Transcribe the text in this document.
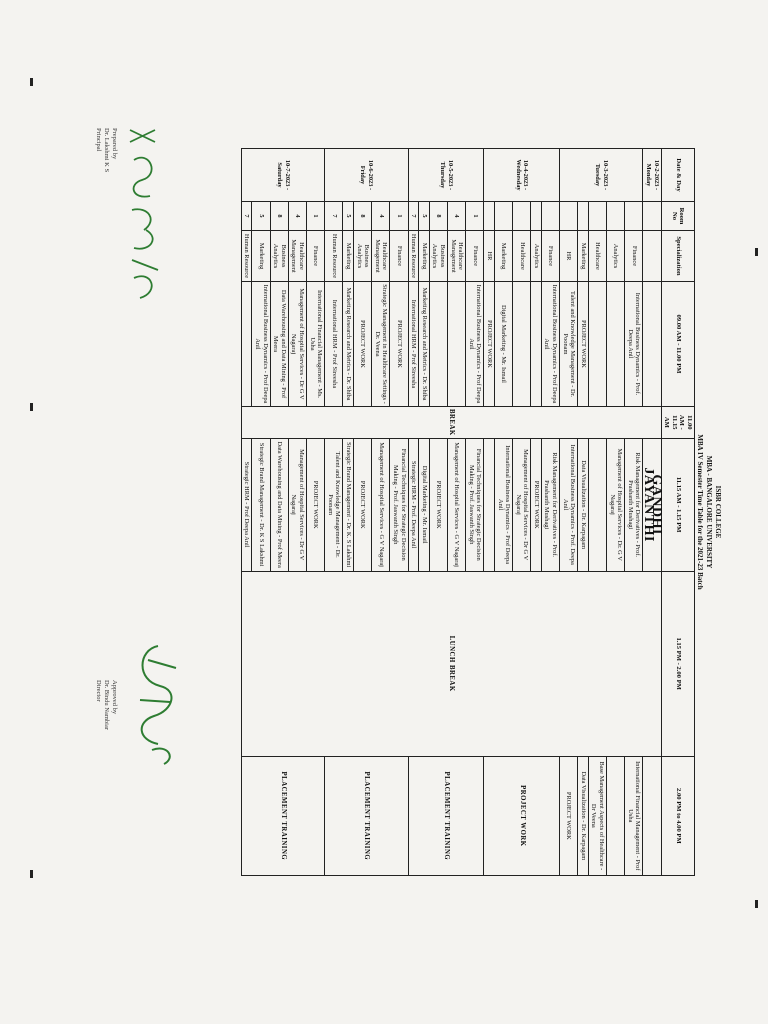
ISBR COLLEGE
MBA - BANGALORE UNIVERSITY
MBA IV Semester Time Table for the 2021-23 Batch
Date & Day	Room No	Specialization	09.00 AM - 11.00 PM	11.00 AM - 11.15 AM	11.15 AM - 1.15 PM	1.15 PM - 2.00 PM	2.00 PM to 4.00 PM
10-2-2023 - Monday				BREAK	GANDHI JAYANTHI	LUNCH BREAK	
10-3-2023 - Tuesday		Finance	International Business Dynamics - Prof. Deepa Anil		Risk Management for Derivatives - Prof. Prashanth Mushagi		International Financial Management - Prof Usha
		Analytics			Management of Hospital Services - Dr. G V Nagaraj		
		Healthcare					Base Management Aspects of Healthcare - Dr Veena
		Marketing	PROJECT WORK		Data Visualization - Dr. Karpagam		Data Visualization - Dr. Karpagam
		HR	Talent and Knowledge Management - Dr. Poonam		International Business Dynamics - Prof. Deepa Anil		PROJECT WORK
10-4-2023 - Wednesday		Finance	International Business Dynamics - Prof Deepa Anil		Risk Management for Derivatives - Prof. Prashanth Mushagi		PROJECT WORK
		Analytics			PROJECT WORK		
		Healthcare			Management of Hospital Services - Dr G V Nagaraj		
		Marketing	Digital Marketing - Mr. Ismail		International Business Dynamics - Prof Deepa Anil		
		HR	PROJECT WORK				
10-5-2023 - Thursday	1	Finance	International Business Dynamics - Prof Deepa Anil		Financial Techniques for Strategic Decision Making - Prof. Jaswanth Singh		PLACEMENT TRAINING
	4	Healthcare Management			Management of Hospital Services - G V Nagaraj		
	8	Business Analytics			PROJECT WORK		
	5	Marketing	Marketing Research and Metrics - Dr. Shiba		Digital Marketing - Mr. Ismail		
	7	Human Resource	International HRM - Prof Sireesha		Strategic HRM - Prof. Deepa Anil		
10-6-2023 - Friday	1	Finance	PROJECT WORK		Financial Techniques for Strategic Decision Making - Prof. Jaswanth Singh		PLACEMENT TRAINING
	4	Healthcare Management	Strategic Management in Healthcare Settings - Dr. Veena		Management of Hospital Services - G V Nagaraj		
	8	Business Analytics	PROJECT WORK		PROJECT WORK		
	5	Marketing	Marketing Research and Metrics - Dr. Shiba		Strategic Brand Management - Dr. K. S Lakshmi		
	7	Human Resource	International HRM - Prof Sireesha		Talent and Knowledge Management - Dr. Poonam		
10-7-2023 - Saturday	1	Finance	International Financial Management - Ms. Usha		PROJECT WORK		PLACEMENT TRAINING
	4	Healthcare Management	Management of Hospital Services - Dr G V Nagaraj		Management of Hospital Services - Dr G V Nagaraj		
	8	Business Analytics	Data Warehousing and Data Mining - Prof Meera		Data Warehousing and Data Mining - Prof Meera		
	5	Marketing	International Business Dynamics - Prof Deepa Anil		Strategic Brand Management - Dr. K S Lakshmi		
	7	Human Resource			Strategic HRM - Prof Deepa Anil		
Prepared by
Dr. Lakshmi K S
Principal
Approved by
Dr. Bindu Nambiar
Director
